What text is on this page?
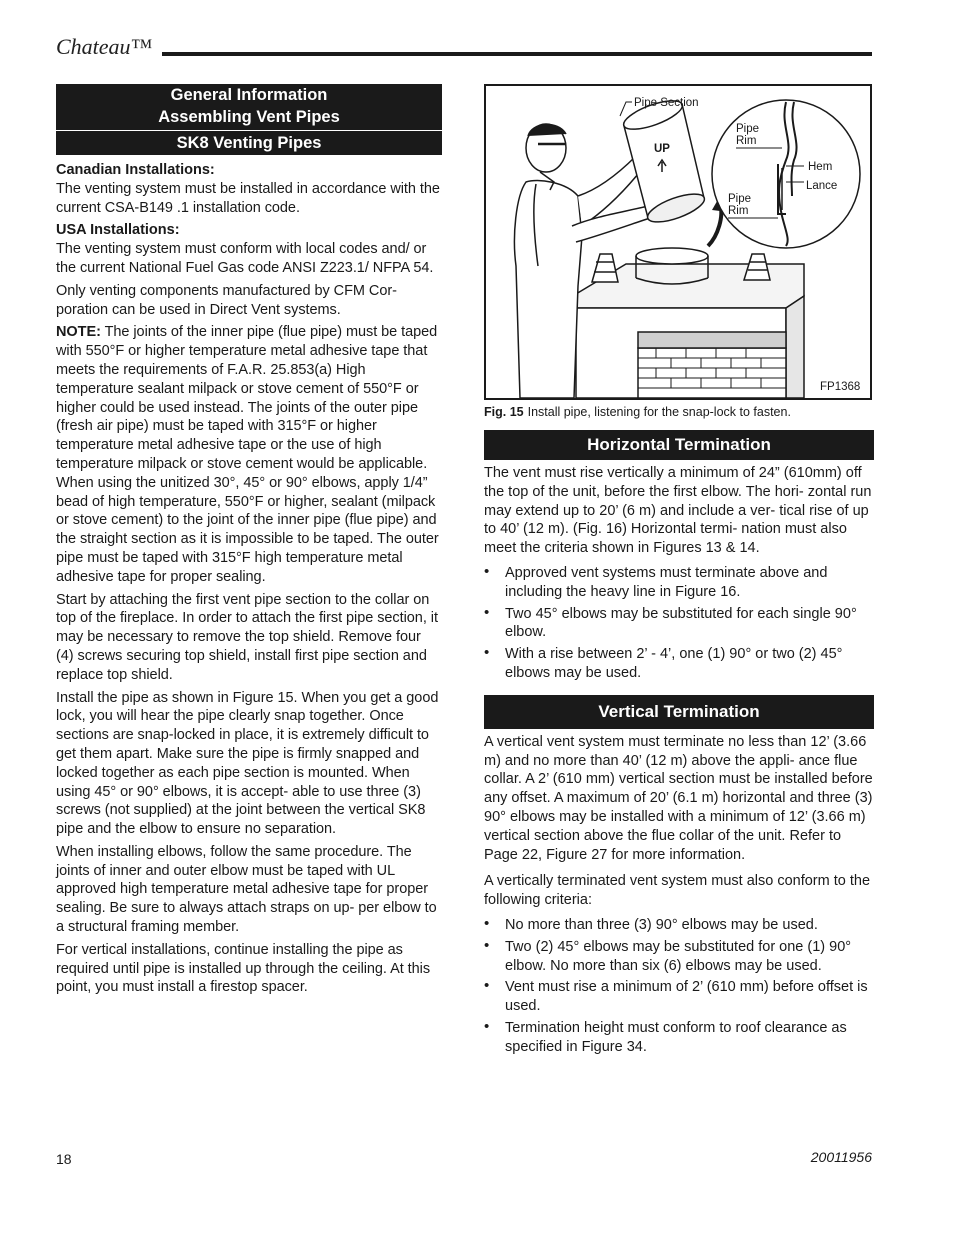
Chateau™
General Information
Assembling Vent Pipes
SK8 Venting Pipes
Canadian Installations:

The venting system must be installed in accordance with the current CSA-B149 .1 installation code.

USA Installations:

The venting system must conform with local codes and/ or the current National Fuel Gas code ANSI Z223.1/ NFPA 54.

Only venting components manufactured by CFM Cor- poration can be used in Direct Vent systems.

NOTE: The joints of the inner pipe (flue pipe) must be taped with 550°F or higher temperature metal adhesive tape that meets the requirements of F.A.R. 25.853(a) High temperature sealant milpack or stove cement of 550°F or higher could be used instead. The joints of the outer pipe (fresh air pipe) must be taped with 315°F or higher temperature metal adhesive tape or the use of high temperature milpack or stove cement would be applicable. When using the unitized 30°, 45° or 90° elbows, apply 1/4” bead of high temperature, 550°F or higher, sealant (milpack or stove cement) to the joint of the inner pipe (flue pipe) and the straight section as it is impossible to be taped. The outer pipe must be taped with 315°F high temperature metal adhesive tape for proper sealing.

Start by attaching the first vent pipe section to the collar on top of the fireplace. In order to attach the first pipe section, it may be necessary to remove the top shield. Remove four (4) screws securing top shield, install first pipe section and replace top shield.

Install the pipe as shown in Figure 15. When you get a good lock, you will hear the pipe clearly snap together. Once sections are snap-locked in place, it is extremely difficult to get them apart. Make sure the pipe is firmly snapped and locked together as each pipe section is mounted. When using 45° or 90° elbows, it is accept- able to use three (3) screws (not supplied) at the joint between the vertical SK8 pipe and the elbow to ensure no separation.

When installing elbows, follow the same procedure. The joints of inner and outer elbow must be taped with UL approved high temperature metal adhesive tape for proper sealing. Be sure to always attach straps on up- per elbow to a structural framing member.

For vertical installations, continue installing the pipe as required until pipe is installed up through the ceiling. At this point, you must install a firestop spacer.

UP
Pipe Section
Pipe
Rim
Hem
Lance
Pipe
Rim
FP1368
Fig. 15 Install pipe, listening for the snap-lock to fasten.
Horizontal Termination

The vent must rise vertically a minimum of 24” (610mm) off the top of the unit, before the first elbow. The hori- zontal run may extend up to 20’ (6 m) and include a ver- tical rise of up to 40’ (12 m). (Fig. 16) Horizontal termi- nation must also meet the criteria shown in Figures 13 & 14.

• Approved vent systems must terminate above and including the heavy line in Figure 16.
• Two 45° elbows may be substituted for each single 90° elbow.
• With a rise between 2’ - 4’, one (1) 90° or two (2) 45° elbows may be used.
Vertical Termination

A vertical vent system must terminate no less than 12’ (3.66 m) and no more than 40’ (12 m) above the appli- ance flue collar. A 2’ (610 mm) vertical section must be installed before any offset. A maximum of 20’ (6.1 m) horizontal and three (3) 90° elbows may be installed with a minimum of 12’ (3.66 m) vertical section above the flue collar of the unit. Refer to Page 22, Figure 27 for more information.

A vertically terminated vent system must also conform to the following criteria:

• No more than three (3) 90° elbows may be used.
• Two (2) 45° elbows may be substituted for one (1) 90° elbow. No more than six (6) elbows may be used.
• Vent must rise a minimum of 2’ (610 mm) before offset is used.
• Termination height must conform to roof clearance as specified in Figure 34.
18	20011956
